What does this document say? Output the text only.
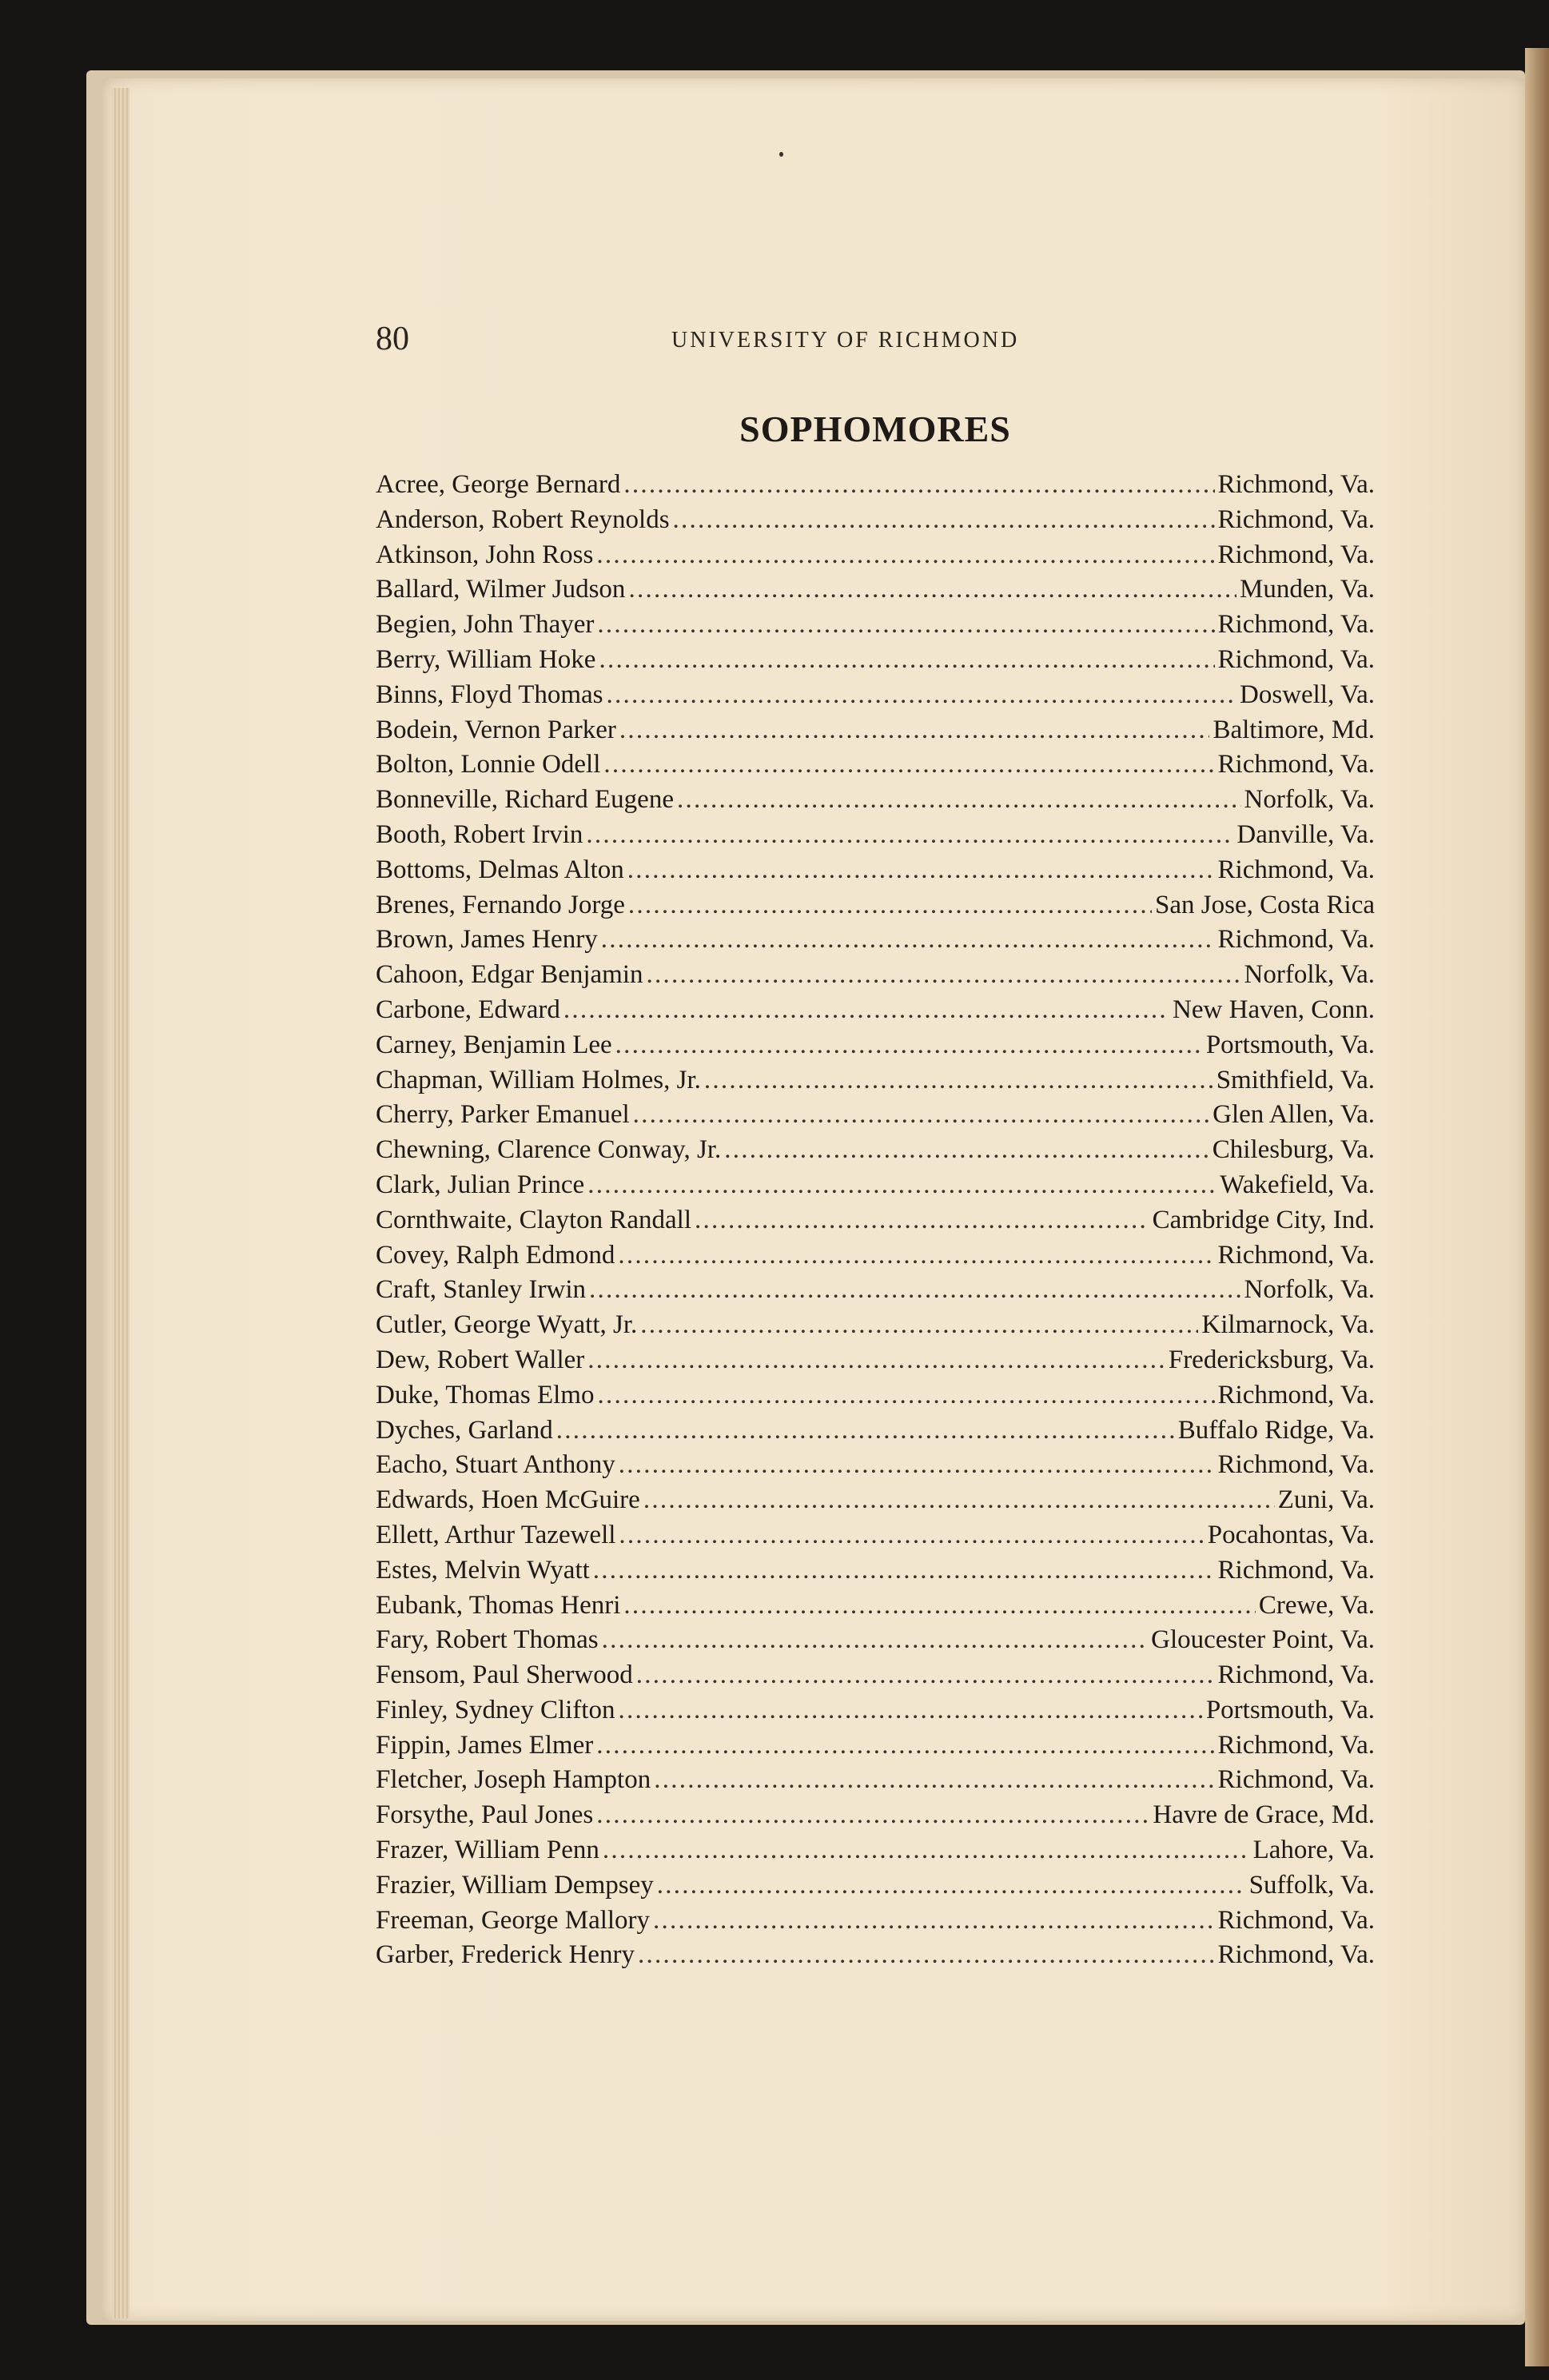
80	UNIVERSITY OF RICHMOND
SOPHOMORES
Acree, George Bernard . . .	Richmond, Va.
Anderson, Robert Reynolds . . .	Richmond, Va.
Atkinson, John Ross . . .	Richmond, Va.
Ballard, Wilmer Judson . . .	Munden, Va.
Begien, John Thayer . . .	Richmond, Va.
Berry, William Hoke . . .	Richmond, Va.
Binns, Floyd Thomas . . .	Doswell, Va.
Bodein, Vernon Parker . . .	Baltimore, Md.
Bolton, Lonnie Odell . . .	Richmond, Va.
Bonneville, Richard Eugene . . .	Norfolk, Va.
Booth, Robert Irvin . . .	Danville, Va.
Bottoms, Delmas Alton . . .	Richmond, Va.
Brenes, Fernando Jorge . . .	San Jose, Costa Rica
Brown, James Henry . . .	Richmond, Va.
Cahoon, Edgar Benjamin . . .	Norfolk, Va.
Carbone, Edward . . .	New Haven, Conn.
Carney, Benjamin Lee . . .	Portsmouth, Va.
Chapman, William Holmes, Jr. . . .	Smithfield, Va.
Cherry, Parker Emanuel . . .	Glen Allen, Va.
Chewning, Clarence Conway, Jr. . . .	Chilesburg, Va.
Clark, Julian Prince . . .	Wakefield, Va.
Cornthwaite, Clayton Randall . . .	Cambridge City, Ind.
Covey, Ralph Edmond . . .	Richmond, Va.
Craft, Stanley Irwin . . .	Norfolk, Va.
Cutler, George Wyatt, Jr. . . .	Kilmarnock, Va.
Dew, Robert Waller . . .	Fredericksburg, Va.
Duke, Thomas Elmo . . .	Richmond, Va.
Dyches, Garland . . .	Buffalo Ridge, Va.
Eacho, Stuart Anthony . . .	Richmond, Va.
Edwards, Hoen McGuire . . .	Zuni, Va.
Ellett, Arthur Tazewell . . .	Pocahontas, Va.
Estes, Melvin Wyatt . . .	Richmond, Va.
Eubank, Thomas Henri . . .	Crewe, Va.
Fary, Robert Thomas . . .	Gloucester Point, Va.
Fensom, Paul Sherwood . . .	Richmond, Va.
Finley, Sydney Clifton . . .	Portsmouth, Va.
Fippin, James Elmer . . .	Richmond, Va.
Fletcher, Joseph Hampton . . .	Richmond, Va.
Forsythe, Paul Jones . . .	Havre de Grace, Md.
Frazer, William Penn . . .	Lahore, Va.
Frazier, William Dempsey . . .	Suffolk, Va.
Freeman, George Mallory . . .	Richmond, Va.
Garber, Frederick Henry . . .	Richmond, Va.
